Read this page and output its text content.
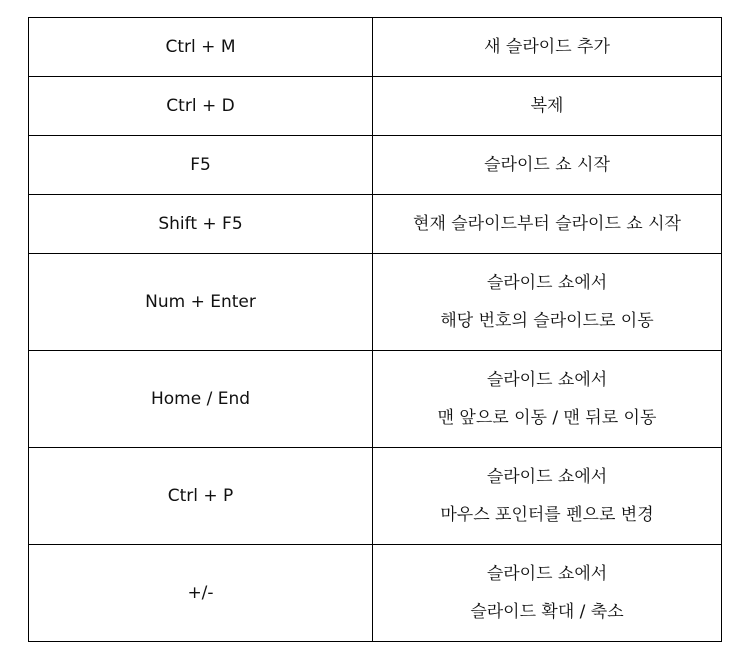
Ctrl + M	새 슬라이드 추가

Ctrl + D	복제

F5	슬라이드 쇼 시작

Shift + F5	현재 슬라이드부터 슬라이드 쇼 시작

Num + Enter	슬라이드 쇼에서
해당 번호의 슬라이드로 이동

Home / End	슬라이드 쇼에서
맨 앞으로 이동 / 맨 뒤로 이동

Ctrl + P	슬라이드 쇼에서
마우스 포인터를 펜으로 변경

+/-	슬라이드 쇼에서
슬라이드 확대 / 축소
